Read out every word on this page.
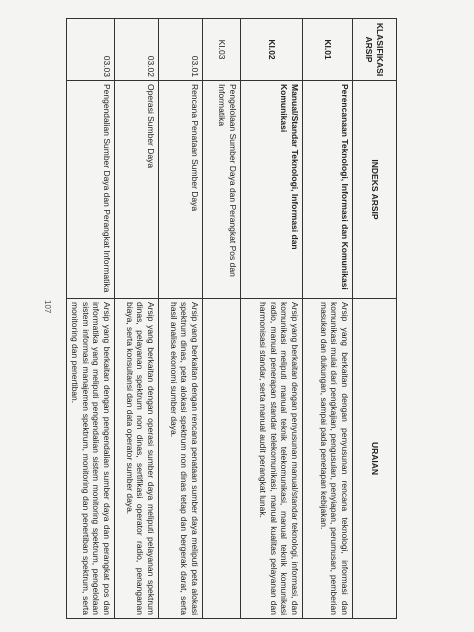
107
KLASIFIKASI ARSIP	INDEKS ARSIP	URAIAN
KI.01	Perencanaan Teknologi, Informasi dan Komunikasi	Arsip yang berkaitan dengan penyusunan rencana teknologi, informasi dan komunikasi mulai dari pengkajian, pengusulan, penyiapan, perumusan, pemberian masukan dan dukungan, sampai pada penetapan kebijakan.
KI.02	Manual/Standar Teknologi, Informasi dan Komunikasi	Arsip yang berkaitan dengan penyusunan manual/standar teknologi, informasi, dan komunikasi meliputi manual teknik telekomunikasi, manual teknik komunikasi radio, manual penerapan standar telekomunikasi, manual kualitas pelayanan dan harmonisasi standar, serta manual audit perangkat lunak.
KI.03	Pengelolaan Sumber Daya dan Perangkat Pos dan Informatika	
03.01	Rencana Penataan Sumber Daya	Arsip yang berkaitan dengan rencana penataan sumber daya meliputi peta alokasi spektrum dinas, peta alokasi spektrum non dinas tetap dan bergerak darat, serta hasil analisa ekonomi sumber daya.
03.02	Operasi Sumber Daya	Arsip yang berkaitan dengan operasi sumber daya meliputi pelayanan spektrum dinas, pelayanan spektrum non dinas, sertifikasi operator radio, penanganan biaya, serta konsultansi dan data operator sumber daya.
03.03	Pengendalian Sumber Daya dan Perangkat Informatika	Arsip yang berkaitan dengan pengendalian sumber daya dan perangkat pos dan informatika yang meliputi pengendalian sistem monitoring spektrum, pengelolaan sistem informasi manajemen spektrum, monitoring dan penertiban spektrum, serta monitoring dan penertiban.
